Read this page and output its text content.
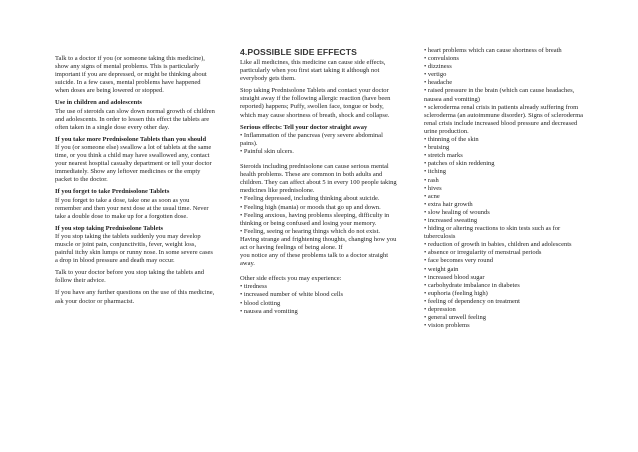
Talk to a doctor if you (or someone taking this medicine), show any signs of mental problems. This is particularly important if you are depressed, or might be thinking about suicide. In a few cases, mental problems have happened when doses are being lowered or stopped.

Use in children and adolescents

The use of steroids can slow down normal growth of children and adolescents. In order to lessen this effect the tablets are often taken in a single dose every other day.

If you take more Prednisolone Tablets than you should

If you (or someone else) swallow a lot of tablets at the same time, or you think a child may have swallowed any, contact your nearest hospital casualty department or tell your doctor immediately. Show any leftover medicines or the empty packet to the doctor.

If you forget to take Prednisolone Tablets

If you forget to take a dose, take one as soon as you remember and then your next dose at the usual time. Never take a double dose to make up for a forgotten dose.

If you stop taking Prednisolone Tablets

If you stop taking the tablets suddenly you may develop muscle or joint pain, conjunctivitis, fever, weight loss, painful itchy skin lumps or runny nose. In some severe cases a drop in blood pressure and death may occur.

Talk to your doctor before you stop taking the tablets and follow their advice.

If you have any further questions on the use of this medicine, ask your doctor or pharmacist.

4.POSSIBLE SIDE EFFECTS

Like all medicines, this medicine can cause side effects, particularly when you first start taking it although not everybody gets them.

Stop taking Prednisolone Tablets and contact your doctor straight away if the following allergic reaction (have been reported) happens; Puffy, swollen face, tongue or body, which may cause shortness of breath, shock and collapse.

Serious effects: Tell your doctor straight away
• Inflammation of the pancreas (very severe abdominal pains).
• Painful skin ulcers.

Steroids including prednisolone can cause serious mental health problems. These are common in both adults and children. They can affect about 5 in every 100 people taking medicines like prednisolone.

• Feeling depressed, including thinking about suicide.
• Feeling high (mania) or moods that go up and down.
• Feeling anxious, having problems sleeping, difficulty in thinking or being confused and losing your memory.
• Feeling, seeing or hearing things which do not exist. Having strange and frightening thoughts, changing how you act or having feelings of being alone. If

you notice any of these problems talk to a doctor straight away.

Other side effects you may experience:

• tiredness
• increased number of white blood cells
• blood clotting
• nausea and vomiting
• heart problems which can cause shortness of breath
• convulsions
• dizziness
• vertigo
• headache
• raised pressure in the brain (which can cause headaches, nausea and vomiting)
• scleroderma renal crisis in patients already suffering from scleroderma (an autoimmune disorder). Signs of scleroderma renal crisis include increased blood pressure and decreased urine production.
• thinning of the skin
• bruising
• stretch marks
• patches of skin reddening
• itching
• rash
• hives
• acne
• extra hair growth
• slow healing of wounds
• increased sweating
• hiding or altering reactions to skin tests such as for tuberculosis
• reduction of growth in babies, children and adolescents
• absence or irregularity of menstrual periods
• face becomes very round
• weight gain
• increased blood sugar
• carbohydrate imbalance in diabetes
• euphoria (feeling high)
• feeling of dependency on treatment
• depression
• general unwell feeling
• vision problems
